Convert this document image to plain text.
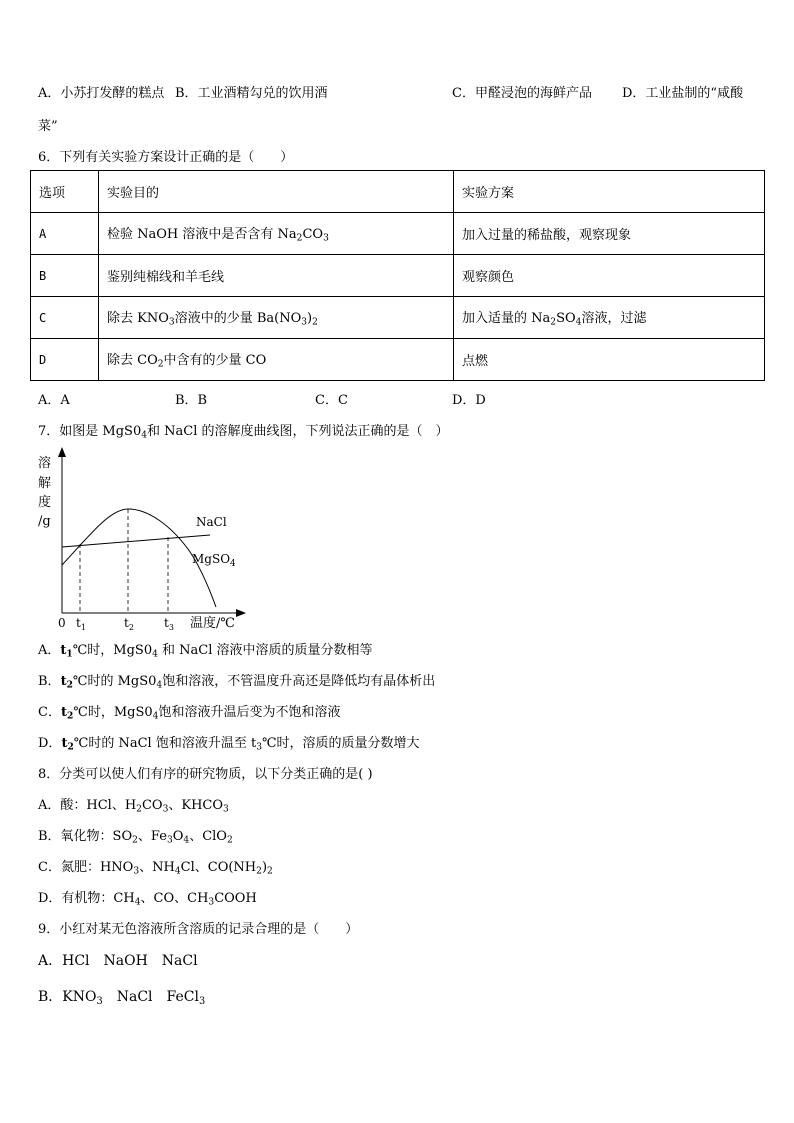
A．小苏打发酵的糕点 B．工业酒精勾兑的饮用酒	C．甲醛浸泡的海鲜产品 D．工业盐制的“咸酸
菜”
6．下列有关实验方案设计正确的是（　　）
选项	实验目的	实验方案
A	检验 NaOH 溶液中是否含有 $Na_2CO_3$	加入过量的稀盐酸，观察现象
B	鉴别纯棉线和羊毛线	观察颜色
C	除去 $KNO_3$溶液中的少量 $Ba(NO_3)_2$	加入适量的 $Na_2SO_4$溶液，过滤
D	除去 $CO_2$中含有的少量 CO	点燃
A．A	B．B	C．C	D．D
7．如图是 $MgS0_4$和 NaCl 的溶解度曲线图，下列说法正确的是（　）
溶
解
度
/g	NaCl
MgSO$_4$
0 $t_1$	$t_2$	$t_3$ 温度/℃
A．$t_1℃$时，$MgS0_4$ 和 NaCl 溶液中溶质的质量分数相等
B．$t_2℃$时的 $MgS0_4$饱和溶液，不管温度升高还是降低均有晶体析出
C．$t_2℃$时，$MgS0_4$饱和溶液升温后变为不饱和溶液
D．$t_2℃$时的 NaCl 饱和溶液升温至 $t_3℃$时，溶质的质量分数增大
8．分类可以使人们有序的研究物质，以下分类正确的是( )
A．酸：HCl、$H_2CO_3$、$KHCO_3$
B．氧化物：$SO_2$、$Fe_3O_4$、ClO$_2$
C．氮肥：$HNO_3$、$NH_4Cl$、$CO(NH_2)_2$
D．有机物：$CH_4$、CO、$CH_3COOH$
9．小红对某无色溶液所含溶质的记录合理的是（　　）
A．HCl　NaOH　NaCl
B．$KNO_3$　NaCl　FeCl$_3$
